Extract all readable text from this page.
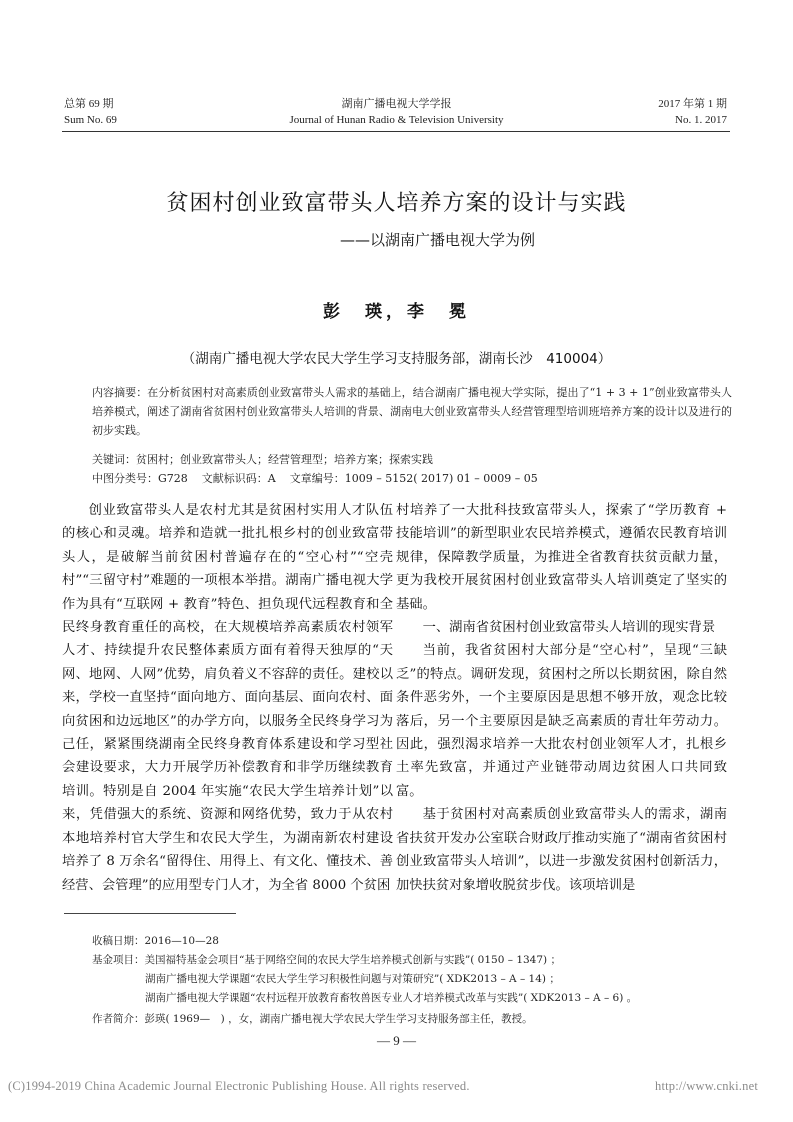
总第 69 期
Sum No. 69
湖南广播电视大学学报
Journal of Hunan Radio & Television University
2017 年第 1 期
No. 1. 2017
贫困村创业致富带头人培养方案的设计与实践
——以湖南广播电视大学为例
彭　瑛，李　冕
（湖南广播电视大学农民大学生学习支持服务部，湖南长沙　410004）
内容摘要：在分析贫困村对高素质创业致富带头人需求的基础上，结合湖南广播电视大学实际，提出了“1 + 3 + 1”创业致富带头人培养模式，阐述了湖南省贫困村创业致富带头人培训的背景、湖南电大创业致富带头人经营管理型培训班培养方案的设计以及进行的初步实践。
关键词：贫困村；创业致富带头人；经营管理型；培养方案；探索实践
中图分类号：G728 文献标识码：A 文章编号：1009 – 5152( 2017) 01 – 0009 – 05

创业致富带头人是农村尤其是贫困村实用人才队伍的核心和灵魂。培养和造就一批扎根乡村的创业致富带头人，是破解当前贫困村普遍存在的“空心村”“空壳村”“三留守村”难题的一项根本举措。湖南广播电视大学作为具有“互联网 + 教育”特色、担负现代远程教育和全民终身教育重任的高校，在大规模培养高素质农村领军人才、持续提升农民整体素质方面有着得天独厚的“天网、地网、人网”优势，肩负着义不容辞的责任。建校以来，学校一直坚持“面向地方、面向基层、面向农村、面向贫困和边远地区”的办学方向，以服务全民终身学习为己任，紧紧围绕湖南全民终身教育体系建设和学习型社会建设要求，大力开展学历补偿教育和非学历继续教育培训。特别是自 2004 年实施“农民大学生培养计划”以来，凭借强大的系统、资源和网络优势，致力于从农村本地培养村官大学生和农民大学生，为湖南新农村建设培养了 8 万余名“留得住、用得上、有文化、懂技术、善经营、会管理”的应用型专门人才，为全省 8000 个贫困

村培养了一大批科技致富带头人，探索了“学历教育 + 技能培训”的新型职业农民培养模式，遵循农民教育培训规律，保障教学质量，为推进全省教育扶贫贡献力量，更为我校开展贫困村创业致富带头人培训奠定了坚实的基础。

一、湖南省贫困村创业致富带头人培训的现实背景

当前，我省贫困村大部分是“空心村”，呈现“三缺乏”的特点。调研发现，贫困村之所以长期贫困，除自然条件恶劣外，一个主要原因是思想不够开放，观念比较落后，另一个主要原因是缺乏高素质的青壮年劳动力。因此，强烈渴求培养一大批农村创业领军人才，扎根乡土率先致富，并通过产业链带动周边贫困人口共同致富。

基于贫困村对高素质创业致富带头人的需求，湖南省扶贫开发办公室联合财政厅推动实施了“湖南省贫困村创业致富带头人培训”，以进一步激发贫困村创新活力，加快扶贫对象增收脱贫步伐。该项培训是

收稿日期：2016—10—28
基金项目：美国福特基金会项目“基于网络空间的农民大学生培养模式创新与实践”( 0150 – 1347) ；
湖南广播电视大学课题“农民大学生学习积极性问题与对策研究”( XDK2013 – A – 14) ；
湖南广播电视大学课题“农村远程开放教育畜牧兽医专业人才培养模式改革与实践”( XDK2013 – A – 6) 。
作者简介：彭瑛( 1969—　) ，女，湖南广播电视大学农民大学生学习支持服务部主任，教授。
— 9 —
(C)1994-2019 China Academic Journal Electronic Publishing House. All rights reserved.	http://www.cnki.net
